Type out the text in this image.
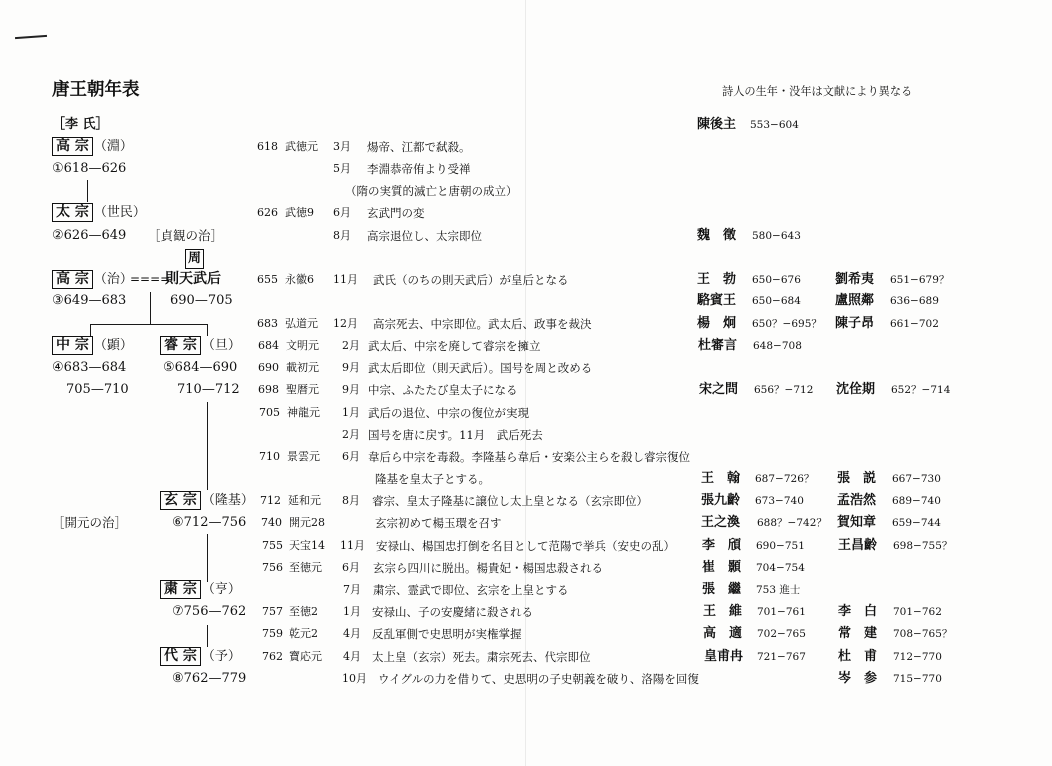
唐王朝年表	詩人の生年・没年は文献により異なる
［李 氏］
高 宗 （淵）
①618—626
太 宗 （世民）
②626—649 ［貞観の治］
周
高 宗 （治）
====
則天武后
③649—683	690—705
中 宗 （顕） 睿 宗 （旦）
④683—684	⑤684—690
705—710	710—712
玄 宗 （隆基）
［開元の治］	⑥712—756
粛 宗 （亨）
⑦756—762
代 宗 （予）
⑧762—779
618 武徳元 3月 煬帝、江都で弑殺。
5月 李淵恭帝侑より受禅
（隋の実質的滅亡と唐朝の成立）
626 武徳9 6月 玄武門の変
8月 高宗退位し、太宗即位
655 永徽6 11月 武氏（のちの則天武后）が皇后となる
683 弘道元 12月 高宗死去、中宗即位。武太后、政事を裁決
684 文明元 2月 武太后、中宗を廃して睿宗を擁立
690 載初元 9月 武太后即位（則天武后）。国号を周と改める
698 聖暦元 9月 中宗、ふたたび皇太子になる
705 神龍元 1月 武后の退位、中宗の復位が実現
2月 国号を唐に戻す。11月　武后死去
710 景雲元 6月 韋后ら中宗を毒殺。李隆基ら韋后・安楽公主らを殺し睿宗復位
隆基を皇太子とする。
712 延和元 8月 睿宗、皇太子隆基に譲位し太上皇となる（玄宗即位）
740 開元28	玄宗初めて楊玉環を召す
755 天宝14 11月 安禄山、楊国忠打倒を名目として范陽で挙兵（安史の乱）
756 至徳元 6月 玄宗ら四川に脱出。楊貴妃・楊国忠殺される
7月 粛宗、霊武で即位、玄宗を上皇とする
757 至徳2 1月 安禄山、子の安慶緒に殺される
759 乾元2 4月 反乱軍側で史思明が実権掌握
762 寶応元 4月 太上皇（玄宗）死去。粛宗死去、代宗即位
10月 ウイグルの力を借りて、史思明の子史朝義を破り、洛陽を回復
陳後主 553−604
魏　徵 580−643
王　勃 650−676	劉希夷 651−679？
駱賓王 650−684	盧照鄰 636−689
楊　炯 650？−695？ 陳子昂 661−702
杜審言 648−708
宋之問 656？−712 沈佺期 652？−714
王　翰 687−726？ 張　説 667−730
張九齡 673−740	孟浩然 689−740
王之渙 688？−742？ 賀知章 659−744
李　頎 690−751	王昌齡 698−755？
崔　顥 704−754
張　繼 753 進士
王　維 701−761 李　白 701−762
高　適 702−765 常　建 708−765？
皇甫冉 721−767 杜　甫 712−770
岑　参 715−770
